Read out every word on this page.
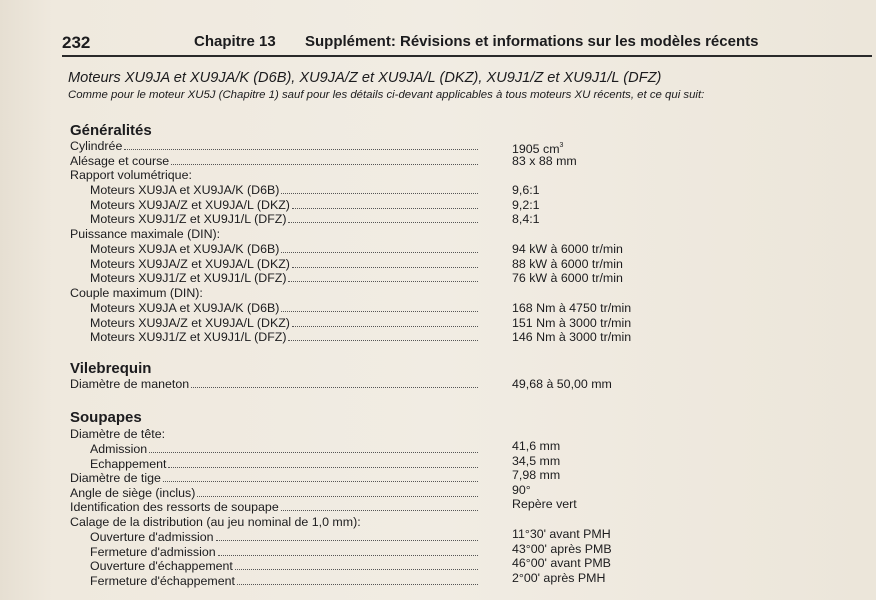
232	Chapitre 13 Supplément: Révisions et informations sur les modèles récents
Moteurs XU9JA et XU9JA/K (D6B), XU9JA/Z et XU9JA/L (DKZ), XU9J1/Z et XU9J1/L (DFZ)
Comme pour le moteur XU5J (Chapitre 1) sauf pour les détails ci-devant applicables à tous moteurs XU récents, et ce qui suit:
Généralités
Cylindrée	1905 $cm^3$
Alésage et course	83 x 88 mm
Rapport volumétrique:
Moteurs XU9JA et XU9JA/K (D6B)	9,6:1
Moteurs XU9JA/Z et XU9JA/L (DKZ)	9,2:1
Moteurs XU9J1/Z et XU9J1/L (DFZ)	8,4:1
Puissance maximale (DIN):
Moteurs XU9JA et XU9JA/K (D6B)	94 kW à 6000 tr/min
Moteurs XU9JA/Z et XU9JA/L (DKZ)	88 kW à 6000 tr/min
Moteurs XU9J1/Z et XU9J1/L (DFZ)	76 kW à 6000 tr/min
Couple maximum (DIN):
Moteurs XU9JA et XU9JA/K (D6B)	168 Nm à 4750 tr/min
Moteurs XU9JA/Z et XU9JA/L (DKZ)	151 Nm à 3000 tr/min
Moteurs XU9J1/Z et XU9J1/L (DFZ)	146 Nm à 3000 tr/min
Vilebrequin
Diamètre de maneton	49,68 à 50,00 mm
Soupapes
Diamètre de tête:
Admission	41,6 mm
Echappement	34,5 mm
Diamètre de tige	7,98 mm
Angle de siège (inclus)	90°
Identification des ressorts de soupape	Repère vert
Calage de la distribution (au jeu nominal de 1,0 mm):
Ouverture d'admission	11°30' avant PMH
Fermeture d'admission	43°00' après PMB
Ouverture d'échappement	46°00' avant PMB
Fermeture d'échappement	2°00' après PMH
